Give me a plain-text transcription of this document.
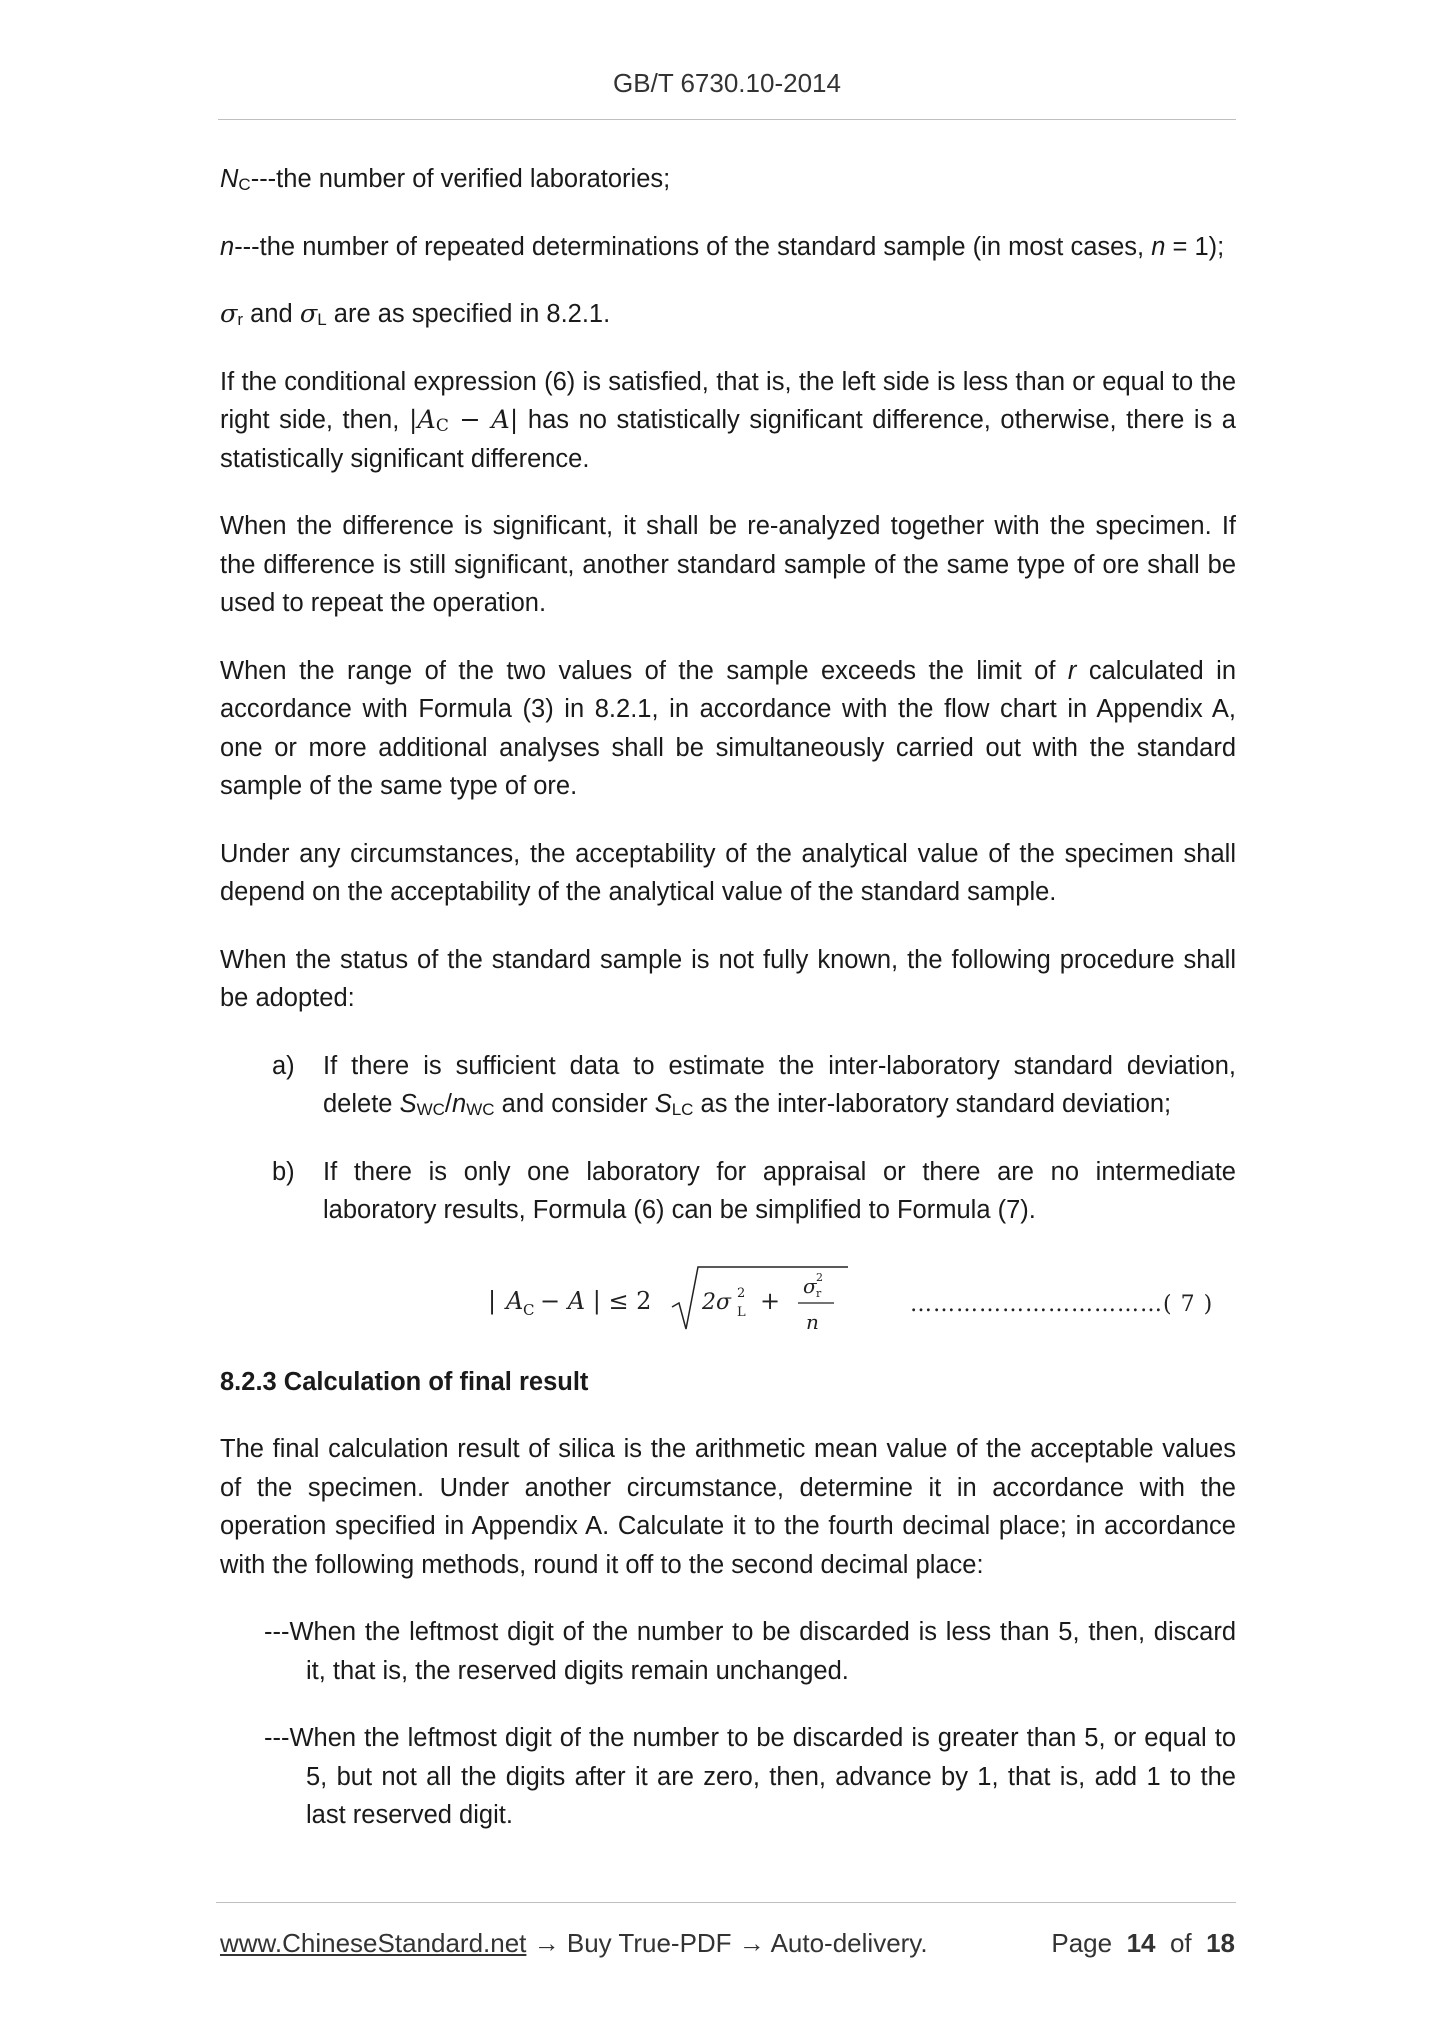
GB/T 6730.10-2014

$N_C--$-the number of verified laboratories;

n---the number of repeated determinations of the standard sample (in most cases, n = 1);

$\sigma_r$ and $\sigma_L$ are as specified in 8.2.1.

If the conditional expression (6) is satisfied, that is, the left side is less than or equal to the right side, then, $|A_C - A|$ has no statistically significant difference, otherwise, there is a statistically significant difference.

When the difference is significant, it shall be re-analyzed together with the specimen. If the difference is still significant, another standard sample of the same type of ore shall be used to repeat the operation.

When the range of the two values of the sample exceeds the limit of r calculated in accordance with Formula (3) in 8.2.1, in accordance with the flow chart in Appendix A, one or more additional analyses shall be simultaneously carried out with the standard sample of the same type of ore.

Under any circumstances, the acceptability of the analytical value of the specimen shall depend on the acceptability of the analytical value of the standard sample.

When the status of the standard sample is not fully known, the following procedure shall be adopted:

a) If there is sufficient data to estimate the inter-laboratory standard deviation, delete $S_{WC}/n_{WC}$ and consider $S_{LC}$ as the inter-laboratory standard deviation;
b) If there is only one laboratory for appraisal or there are no intermediate laboratory results, Formula (6) can be simplified to Formula (7).
| A C − A | ≤ 2 2σ 2
L +
σ 2
r
n
……………………………( 7 )

8.2.3 Calculation of final result

The final calculation result of silica is the arithmetic mean value of the acceptable values of the specimen. Under another circumstance, determine it in accordance with the operation specified in Appendix A. Calculate it to the fourth decimal place; in accordance with the following methods, round it off to the second decimal place:

---When the leftmost digit of the number to be discarded is less than 5, then, discard it, that is, the reserved digits remain unchanged.

---When the leftmost digit of the number to be discarded is greater than 5, or equal to 5, but not all the digits after it are zero, then, advance by 1, that is, add 1 to the last reserved digit.

www.ChineseStandard.net → Buy True-PDF → Auto-delivery.	Page 14 of 18
